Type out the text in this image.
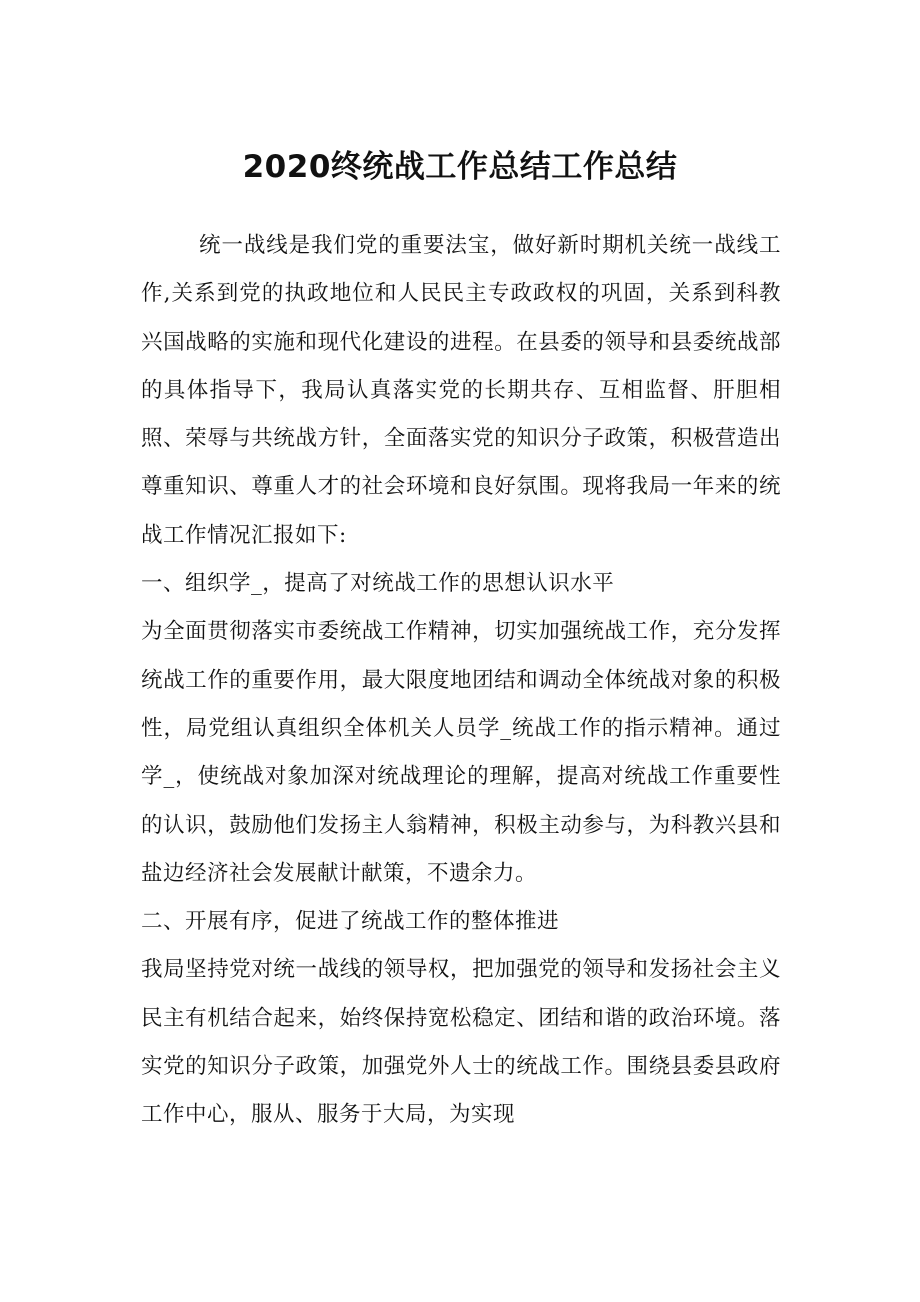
2020终统战工作总结工作总结

统一战线是我们党的重要法宝，做好新时期机关统一战线工作,关系到党的执政地位和人民民主专政政权的巩固，关系到科教兴国战略的实施和现代化建设的进程。在县委的领导和县委统战部的具体指导下，我局认真落实党的长期共存、互相监督、肝胆相照、荣辱与共统战方针，全面落实党的知识分子政策，积极营造出尊重知识、尊重人才的社会环境和良好氛围。现将我局一年来的统战工作情况汇报如下:

一、组织学_，提高了对统战工作的思想认识水平

为全面贯彻落实市委统战工作精神，切实加强统战工作，充分发挥统战工作的重要作用，最大限度地团结和调动全体统战对象的积极性，局党组认真组织全体机关人员学_统战工作的指示精神。通过学_，使统战对象加深对统战理论的理解，提高对统战工作重要性的认识，鼓励他们发扬主人翁精神，积极主动参与，为科教兴县和盐边经济社会发展献计献策，不遗余力。

二、开展有序，促进了统战工作的整体推进

我局坚持党对统一战线的领导权，把加强党的领导和发扬社会主义民主有机结合起来，始终保持宽松稳定、团结和谐的政治环境。落实党的知识分子政策，加强党外人士的统战工作。围绕县委县政府工作中心，服从、服务于大局，为实现
